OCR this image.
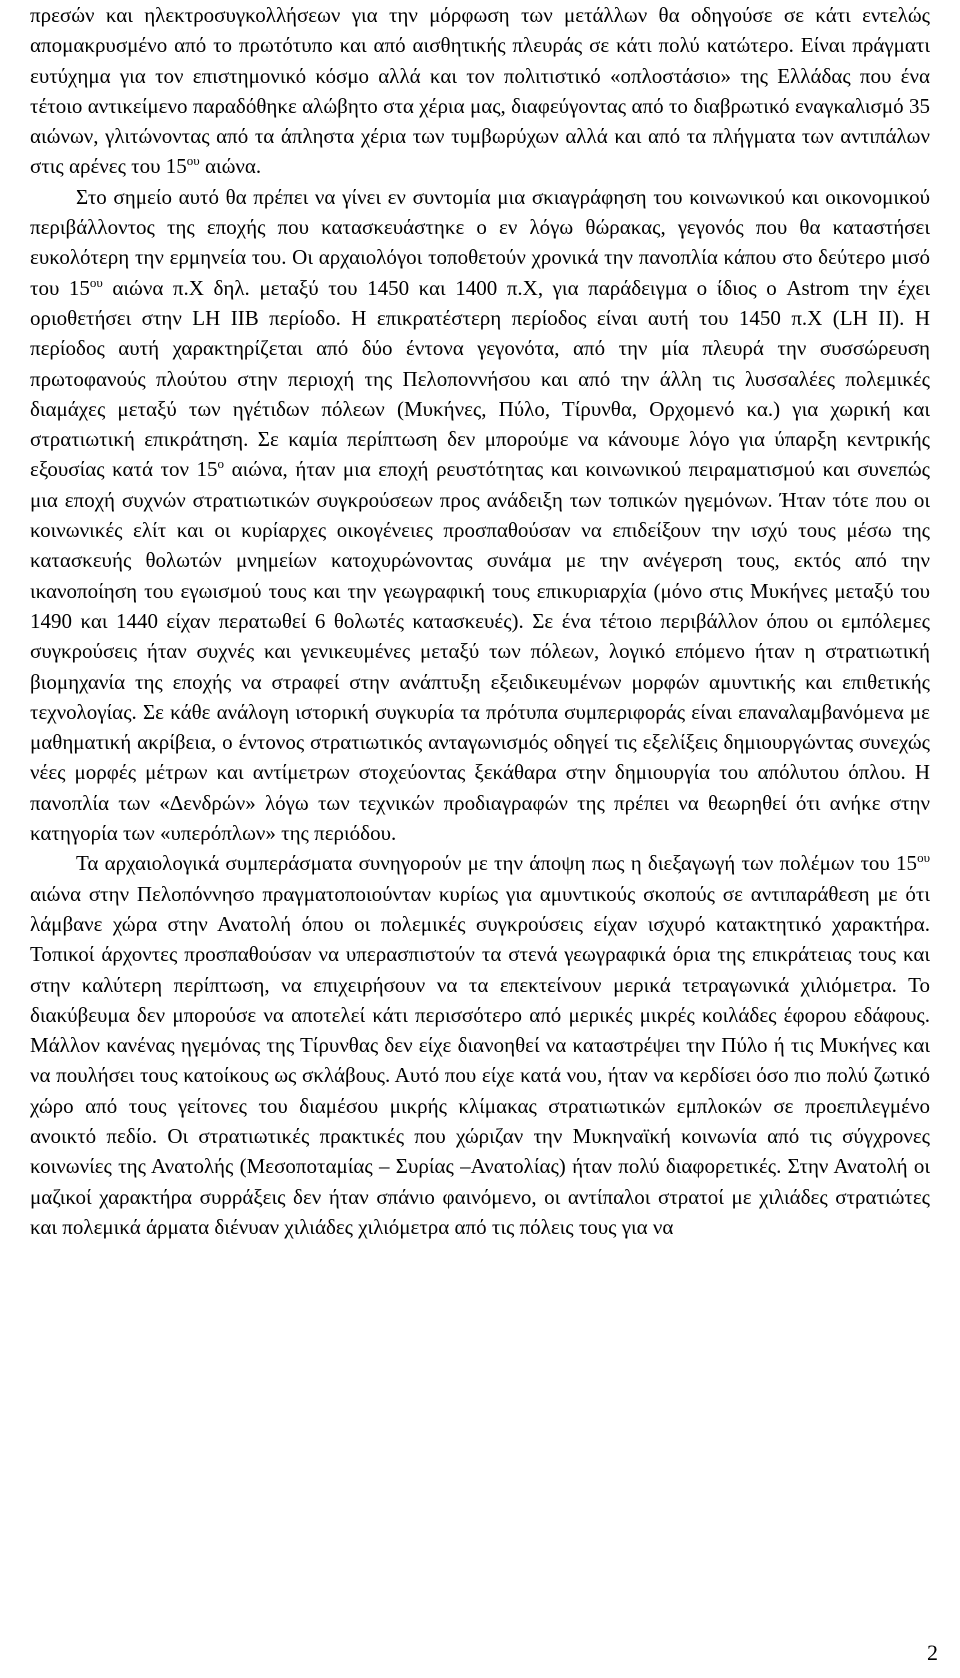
πρεσών και ηλεκτροσυγκολλήσεων για την μόρφωση των μετάλλων θα οδηγούσε σε κάτι εντελώς απομακρυσμένο από το πρωτότυπο και από αισθητικής πλευράς σε κάτι πολύ κατώτερο. Είναι πράγματι ευτύχημα για τον επιστημονικό κόσμο αλλά και τον πολιτιστικό «οπλοστάσιο» της Ελλάδας που ένα τέτοιο αντικείμενο παραδόθηκε αλώβητο στα χέρια μας, διαφεύγοντας από το διαβρωτικό εναγκαλισμό 35 αιώνων, γλιτώνοντας από τα άπληστα χέρια των τυμβωρύχων αλλά και από τα πλήγματα των αντιπάλων στις αρένες του $15^{o\upsilon}$ αιώνα.

Στο σημείο αυτό θα πρέπει να γίνει εν συντομία μια σκιαγράφηση του κοινωνικού και οικονομικού περιβάλλοντος της εποχής που κατασκευάστηκε ο εν λόγω θώρακας, γεγονός που θα καταστήσει ευκολότερη την ερμηνεία του. Οι αρχαιολόγοι τοποθετούν χρονικά την πανοπλία κάπου στο δεύτερο μισό του $15^{o\upsilon}$ αιώνα π.Χ δηλ. μεταξύ του 1450 και 1400 π.Χ, για παράδειγμα ο ίδιος ο Astrom την έχει οριοθετήσει στην LH IIB περίοδο. Η επικρατέστερη περίοδος είναι αυτή του 1450 π.Χ (LH II). Η περίοδος αυτή χαρακτηρίζεται από δύο έντονα γεγονότα, από την μία πλευρά την συσσώρευση πρωτοφανούς πλούτου στην περιοχή της Πελοποννήσου και από την άλλη τις λυσσαλέες πολεμικές διαμάχες μεταξύ των ηγέτιδων πόλεων (Μυκήνες, Πύλο, Τίρυνθα, Ορχομενό κα.) για χωρική και στρατιωτική επικράτηση. Σε καμία περίπτωση δεν μπορούμε να κάνουμε λόγο για ύπαρξη κεντρικής εξουσίας κατά τον $15^o$ αιώνα, ήταν μια εποχή ρευστότητας και κοινωνικού πειραματισμού και συνεπώς μια εποχή συχνών στρατιωτικών συγκρούσεων προς ανάδειξη των τοπικών ηγεμόνων. Ήταν τότε που οι κοινωνικές ελίτ και οι κυρίαρχες οικογένειες προσπαθούσαν να επιδείξουν την ισχύ τους μέσω της κατασκευής θολωτών μνημείων κατοχυρώνοντας συνάμα με την ανέγερση τους, εκτός από την ικανοποίηση του εγωισμού τους και την γεωγραφική τους επικυριαρχία (μόνο στις Μυκήνες μεταξύ του 1490 και 1440 είχαν περατωθεί 6 θολωτές κατασκευές). Σε ένα τέτοιο περιβάλλον όπου οι εμπόλεμες συγκρούσεις ήταν συχνές και γενικευμένες μεταξύ των πόλεων, λογικό επόμενο ήταν η στρατιωτική βιομηχανία της εποχής να στραφεί στην ανάπτυξη εξειδικευμένων μορφών αμυντικής και επιθετικής τεχνολογίας. Σε κάθε ανάλογη ιστορική συγκυρία τα πρότυπα συμπεριφοράς είναι επαναλαμβανόμενα με μαθηματική ακρίβεια, ο έντονος στρατιωτικός ανταγωνισμός οδηγεί τις εξελίξεις δημιουργώντας συνεχώς νέες μορφές μέτρων και αντίμετρων στοχεύοντας ξεκάθαρα στην δημιουργία του απόλυτου όπλου. Η πανοπλία των «Δενδρών» λόγω των τεχνικών προδιαγραφών της πρέπει να θεωρηθεί ότι ανήκε στην κατηγορία των «υπερόπλων» της περιόδου.

Τα αρχαιολογικά συμπεράσματα συνηγορούν με την άποψη πως η διεξαγωγή των πολέμων του $15^{o\upsilon}$ αιώνα στην Πελοπόννησο πραγματοποιούνταν κυρίως για αμυντικούς σκοπούς σε αντιπαράθεση με ότι λάμβανε χώρα στην Ανατολή όπου οι πολεμικές συγκρούσεις είχαν ισχυρό κατακτητικό χαρακτήρα. Τοπικοί άρχοντες προσπαθούσαν να υπερασπιστούν τα στενά γεωγραφικά όρια της επικράτειας τους και στην καλύτερη περίπτωση, να επιχειρήσουν να τα επεκτείνουν μερικά τετραγωνικά χιλιόμετρα. Το διακύβευμα δεν μπορούσε να αποτελεί κάτι περισσότερο από μερικές μικρές κοιλάδες έφορου εδάφους. Μάλλον κανένας ηγεμόνας της Τίρυνθας δεν είχε διανοηθεί να καταστρέψει την Πύλο ή τις Μυκήνες και να πουλήσει τους κατοίκους ως σκλάβους. Αυτό που είχε κατά νου, ήταν να κερδίσει όσο πιο πολύ ζωτικό χώρο από τους γείτονες του διαμέσου μικρής κλίμακας στρατιωτικών εμπλοκών σε προεπιλεγμένο ανοικτό πεδίο. Οι στρατιωτικές πρακτικές που χώριζαν την Μυκηναϊκή κοινωνία από τις σύγχρονες κοινωνίες της Ανατολής (Μεσοποταμίας – Συρίας –Ανατολίας) ήταν πολύ διαφορετικές. Στην Ανατολή οι μαζικοί χαρακτήρα συρράξεις δεν ήταν σπάνιο φαινόμενο, οι αντίπαλοι στρατοί με χιλιάδες στρατιώτες και πολεμικά άρματα διένυαν χιλιάδες χιλιόμετρα από τις πόλεις τους για να

2
